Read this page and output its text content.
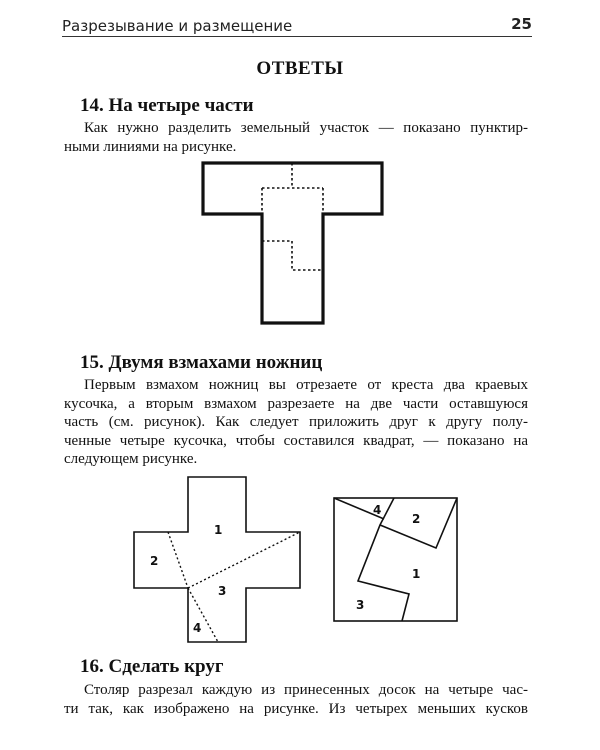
Разрезывание и размещение	25
ОТВЕТЫ
14. На четыре части
Как нужно разделить земельный участок — показано пунктир-
ными линиями на рисунке.
1
2
3
4
4
2
1
3
15. Двумя взмахами ножниц
Первым взмахом ножниц вы отрезаете от креста два краевых
кусочка, а вторым взмахом разрезаете на две части оставшуюся
часть (см. рисунок). Как следует приложить друг к другу полу-
ченные четыре кусочка, чтобы составился квадрат, — показано на
следующем рисунке.
16. Сделать круг
Столяр разрезал каждую из принесенных досок на четыре час-
ти так, как изображено на рисунке. Из четырех меньших кусков
